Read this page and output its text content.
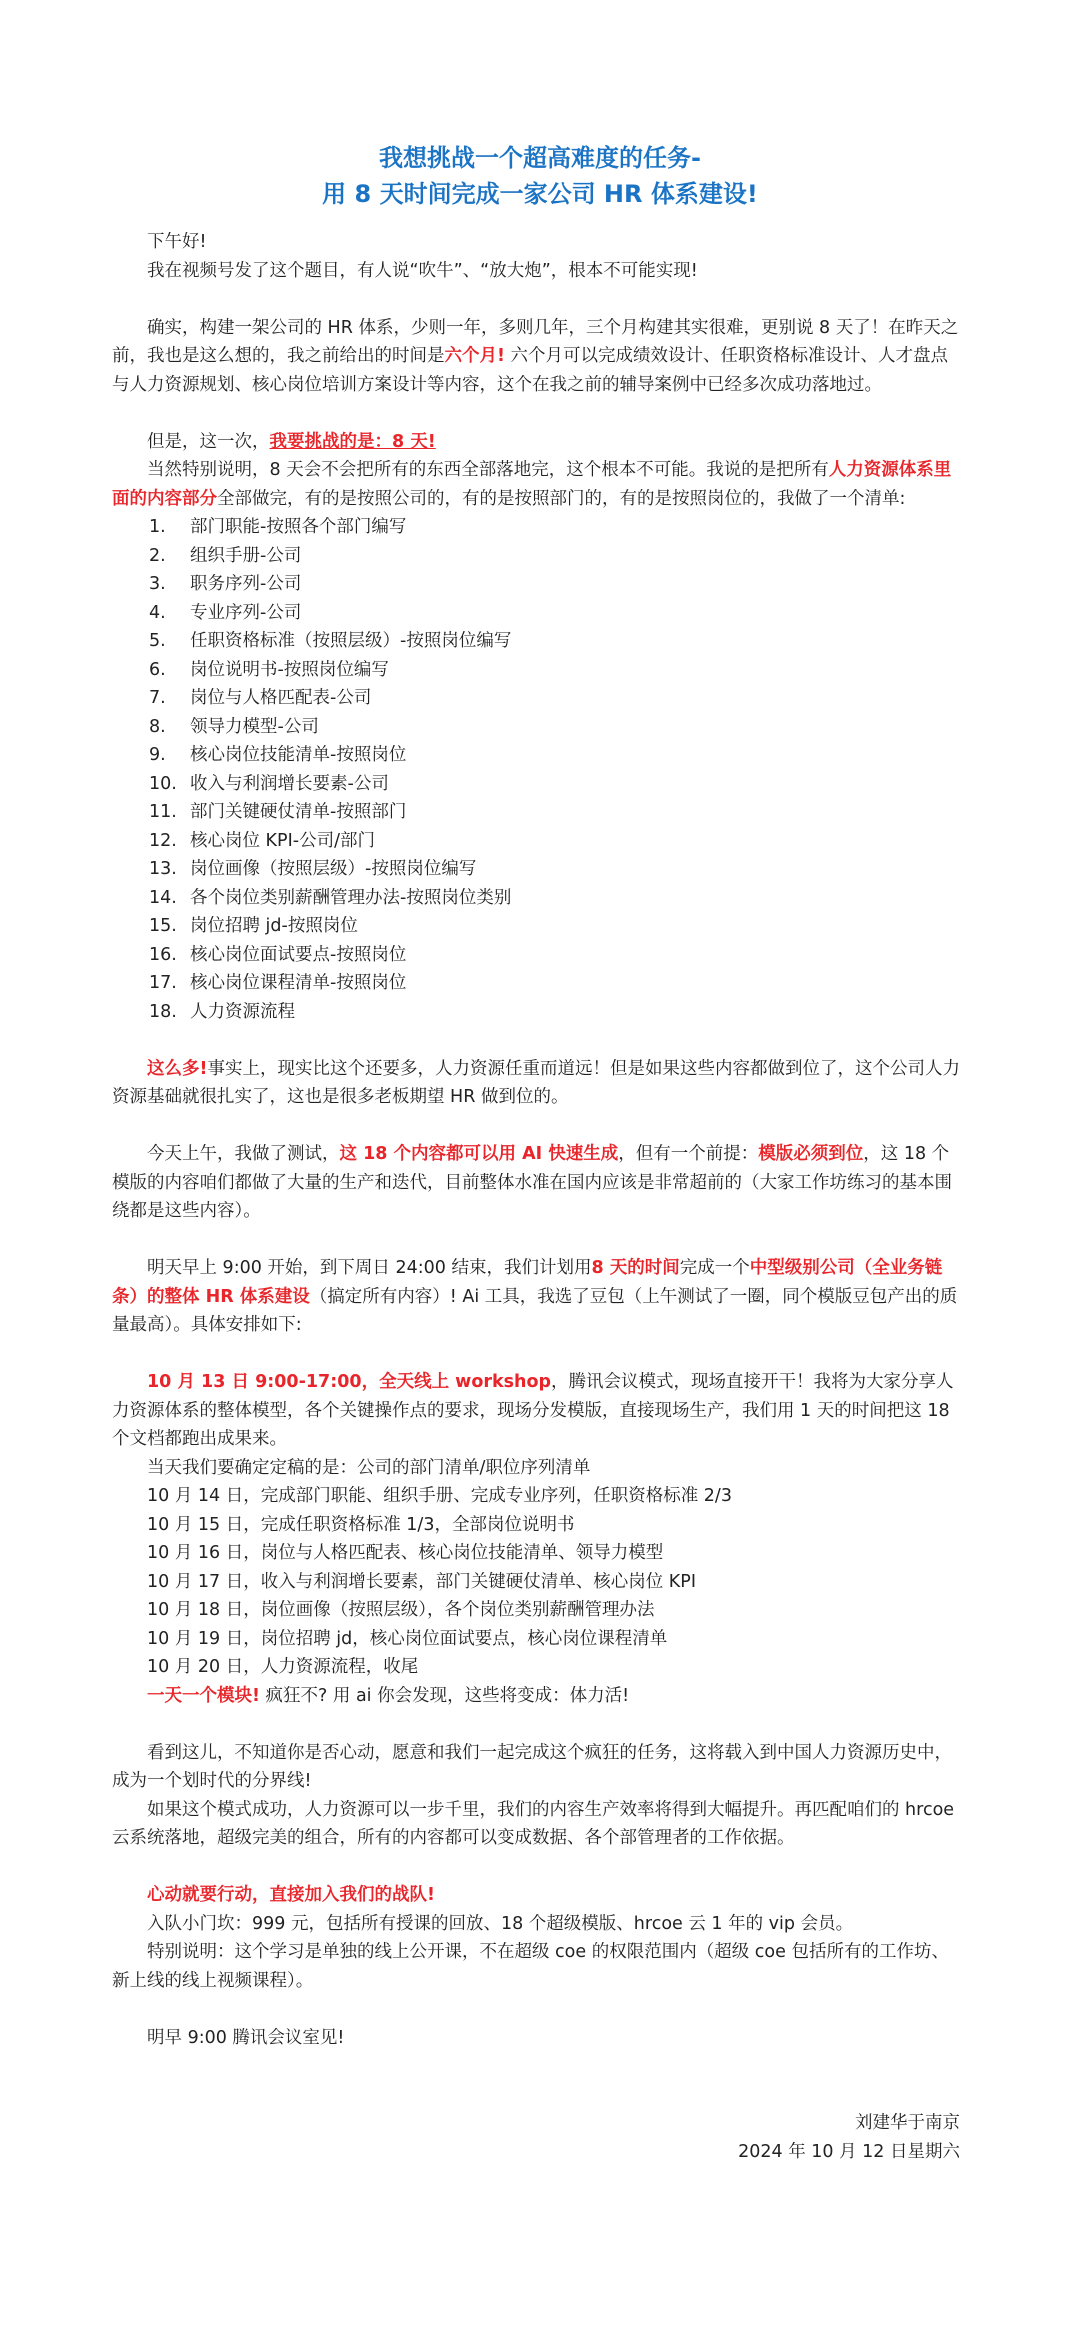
我想挑战一个超高难度的任务-
用 8 天时间完成一家公司 HR 体系建设!

下午好!

我在视频号发了这个题目，有人说“吹牛”、“放大炮”，根本不可能实现!

确实，构建一架公司的 HR 体系，少则一年，多则几年，三个月构建其实很难，更别说 8 天了！在昨天之前，我也是这么想的，我之前给出的时间是六个月! 六个月可以完成绩效设计、任职资格标准设计、人才盘点与人力资源规划、核心岗位培训方案设计等内容，这个在我之前的辅导案例中已经多次成功落地过。

但是，这一次，我要挑战的是：8 天!

当然特别说明，8 天会不会把所有的东西全部落地完，这个根本不可能。我说的是把所有人力资源体系里面的内容部分全部做完，有的是按照公司的，有的是按照部门的，有的是按照岗位的，我做了一个清单:

1. 部门职能-按照各个部门编写
2. 组织手册-公司
3. 职务序列-公司
4. 专业序列-公司
5. 任职资格标准（按照层级）-按照岗位编写
6. 岗位说明书-按照岗位编写
7. 岗位与人格匹配表-公司
8. 领导力模型-公司
9. 核心岗位技能清单-按照岗位
10. 收入与利润增长要素-公司
11. 部门关键硬仗清单-按照部门
12. 核心岗位 KPI-公司/部门
13. 岗位画像（按照层级）-按照岗位编写
14. 各个岗位类别薪酬管理办法-按照岗位类别
15. 岗位招聘 jd-按照岗位
16. 核心岗位面试要点-按照岗位
17. 核心岗位课程清单-按照岗位
18. 人力资源流程

这么多!事实上，现实比这个还要多，人力资源任重而道远！但是如果这些内容都做到位了，这个公司人力资源基础就很扎实了，这也是很多老板期望 HR 做到位的。

今天上午，我做了测试，这 18 个内容都可以用 AI 快速生成，但有一个前提：模版必须到位，这 18 个模版的内容咱们都做了大量的生产和迭代，目前整体水准在国内应该是非常超前的（大家工作坊练习的基本围绕都是这些内容）。

明天早上 9:00 开始，到下周日 24:00 结束，我们计划用8 天的时间完成一个中型级别公司（全业务链条）的整体 HR 体系建设（搞定所有内容）! Ai 工具，我选了豆包（上午测试了一圈，同个模版豆包产出的质量最高）。具体安排如下:

10 月 13 日 9:00-17:00，全天线上 workshop，腾讯会议模式，现场直接开干！我将为大家分享人力资源体系的整体模型，各个关键操作点的要求，现场分发模版，直接现场生产，我们用 1 天的时间把这 18 个文档都跑出成果来。

当天我们要确定定稿的是：公司的部门清单/职位序列清单

10 月 14 日，完成部门职能、组织手册、完成专业序列，任职资格标准 2/3

10 月 15 日，完成任职资格标准 1/3，全部岗位说明书

10 月 16 日，岗位与人格匹配表、核心岗位技能清单、领导力模型

10 月 17 日，收入与利润增长要素，部门关键硬仗清单、核心岗位 KPI

10 月 18 日，岗位画像（按照层级），各个岗位类别薪酬管理办法

10 月 19 日，岗位招聘 jd，核心岗位面试要点，核心岗位课程清单

10 月 20 日，人力资源流程，收尾

一天一个模块! 疯狂不? 用 ai 你会发现，这些将变成：体力活!

看到这儿，不知道你是否心动，愿意和我们一起完成这个疯狂的任务，这将载入到中国人力资源历史中，成为一个划时代的分界线!

如果这个模式成功，人力资源可以一步千里，我们的内容生产效率将得到大幅提升。再匹配咱们的 hrcoe 云系统落地，超级完美的组合，所有的内容都可以变成数据、各个部管理者的工作依据。

心动就要行动，直接加入我们的战队!

入队小门坎：999 元，包括所有授课的回放、18 个超级模版、hrcoe 云 1 年的 vip 会员。

特别说明：这个学习是单独的线上公开课，不在超级 coe 的权限范围内（超级 coe 包括所有的工作坊、新上线的线上视频课程）。

明早 9:00 腾讯会议室见!

刘建华于南京

2024 年 10 月 12 日星期六
